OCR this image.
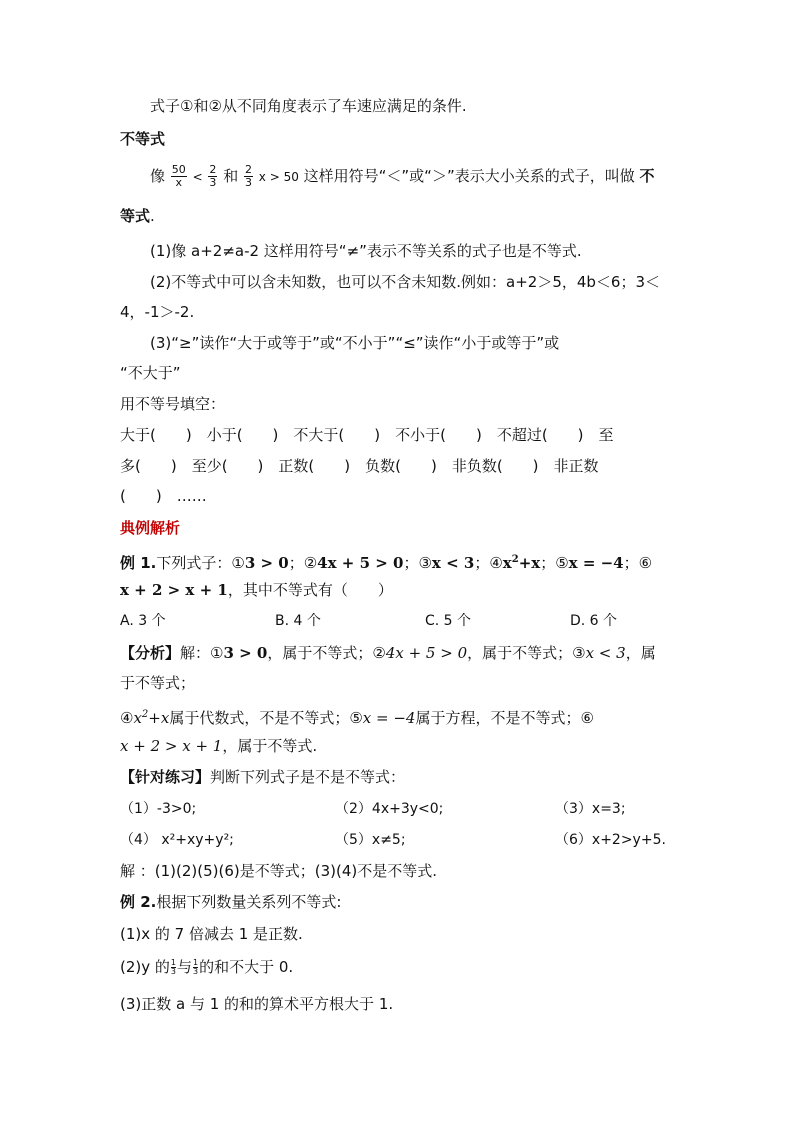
式子①和②从不同角度表示了车速应满足的条件.
不等式
像 $\frac{50}{x} < \frac{2}{3}$ 和 $\frac{2}{3}$ x > 50 这样用符号“＜”或“＞”表示大小关系的式子，叫做 不
等式.
(1)像 a+2≠a-2 这样用符号“≠”表示不等关系的式子也是不等式.
(2)不等式中可以含未知数，也可以不含未知数.例如：a+2＞5，4b＜6；3＜
4，-1＞-2.
(3)“≥”读作“大于或等于”或“不小于”“≤”读作“小于或等于”或
“不大于”
用不等号填空：
大于(　　)　小于(　　)　不大于(　　)　不小于(　　)　不超过(　　)　至
多(　　)　至少(　　)　正数(　　)　负数(　　)　非负数(　　)　非正数
(　　)　……
典例解析
例 1.下列式子：①3 > 0；②4x + 5 > 0；③x < 3；$④x^2+x$；⑤x = −4；⑥
x + 2 > x + 1，其中不等式有（　　）
A. 3 个	B. 4 个	C. 5 个	D. 6 个
【分析】解：①3 > 0，属于不等式；②4x + 5 > 0，属于不等式；③x < 3，属
于不等式；
$④x^2+x$属于代数式，不是不等式；⑤x = −4属于方程，不是不等式；⑥
x + 2 > x + 1，属于不等式.
【针对练习】判断下列式子是不是不等式：
（1）-3>0;	（2）4x+3y<0;	（3）x=3;
（4） x²+xy+y²;	（5）x≠5;	（6）x+2>y+5.
解 ：(1)(2)(5)(6)是不等式；(3)(4)不是不等式.
例 2.根据下列数量关系列不等式:
(1)x 的 7 倍减去 1 是正数.
(2)y 的 $\frac{1}{3}$与 $\frac{1}{3}$的和不大于 0.
(3)正数 a 与 1 的和的算术平方根大于 1.
